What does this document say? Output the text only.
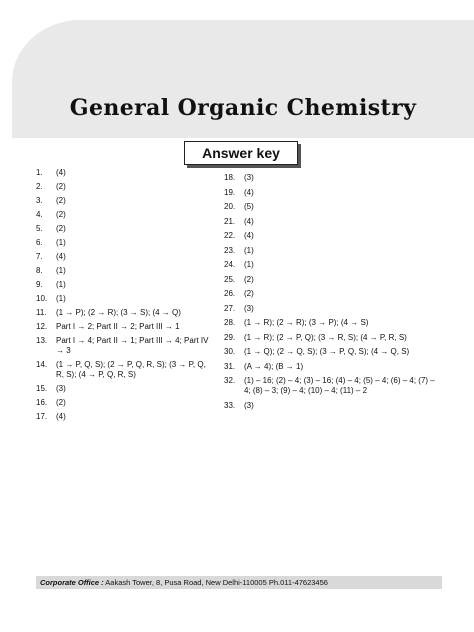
General Organic Chemistry
Answer key
1.	(4)
2.	(2)
3.	(2)
4.	(2)
5.	(2)
6.	(1)
7.	(4)
8.	(1)
9.	(1)
10.	(1)
11.	(1 → P); (2 → R); (3 → S); (4 → Q)
12.	Part I → 2; Part II → 2; Part III → 1
13.	Part I → 4; Part II → 1; Part III → 4; Part IV → 3
14.	(1 → P, Q, S); (2 → P, Q, R, S); (3 → P, Q, R, S); (4 → P, Q, R, S)
15.	(3)
16.	(2)
17.	(4)
18.	(3)
19.	(4)
20.	(5)
21.	(4)
22.	(4)
23.	(1)
24.	(1)
25.	(2)
26.	(2)
27.	(3)
28.	(1 → R); (2 → R); (3 → P); (4 → S)
29.	(1 → R); (2 → P, Q); (3 → R, S); (4 → P, R, S)
30.	(1 → Q); (2 → Q, S); (3 → P, Q, S); (4 → Q, S)
31.	(A → 4); (B → 1)
32.	(1) – 16; (2) – 4; (3) – 16; (4) – 4; (5) – 4; (6) – 4; (7) – 4; (8) – 3; (9) – 4; (10) – 4; (11) – 2
33.	(3)
Corporate Office : Aakash Tower, 8, Pusa Road, New Delhi-110005 Ph.011-47623456
